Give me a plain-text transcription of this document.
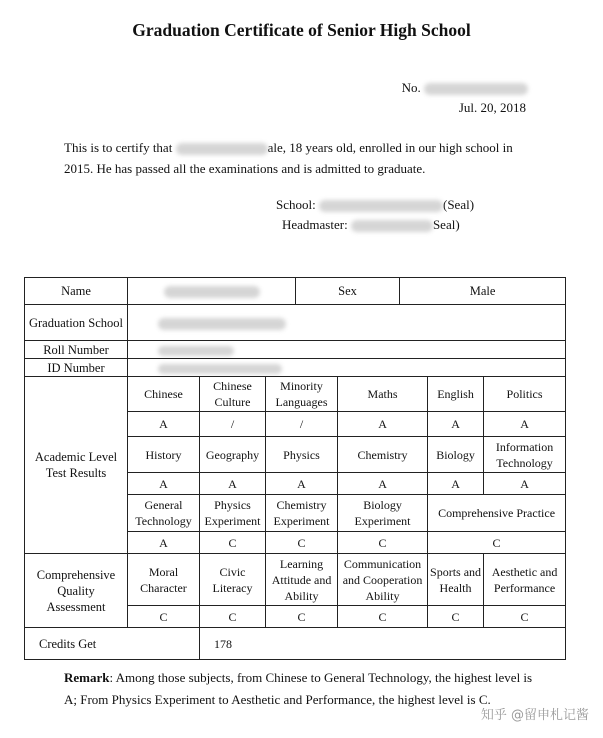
Graduation Certificate of Senior High School
No.
Jul. 20, 2018
This is to certify that	ale, 18 years old, enrolled in our high school in 2015. He has passed all the examinations and is admitted to graduate.
School:	(Seal)
Headmaster:	Seal)
Name				Sex		Male		
Graduation School								
Roll Number								
ID Number								
Academic Level Test Results	Chinese	Chinese Culture	Minority Languages		Maths		English	Politics
	A	/	/		A		A	A
	History	Geography	Physics		Chemistry		Biology	Information Technology
	A	A	A		A		A	A
	General Technology	Physics Experiment	Chemistry Experiment		Biology Experiment		Comprehensive Practice	
	A	C	C		C		C	
Comprehensive Quality Assessment	Moral Character	Civic Literacy	Learning Attitude and Ability		Communication and Cooperation Ability		Sports and Health	Aesthetic and Performance
	C	C	C		C		C	C
Credits Get		178						
Remark: Among those subjects, from Chinese to General Technology, the highest level is A; From Physics Experiment to Aesthetic and Performance, the highest level is C.
知乎 @留申札记酱
